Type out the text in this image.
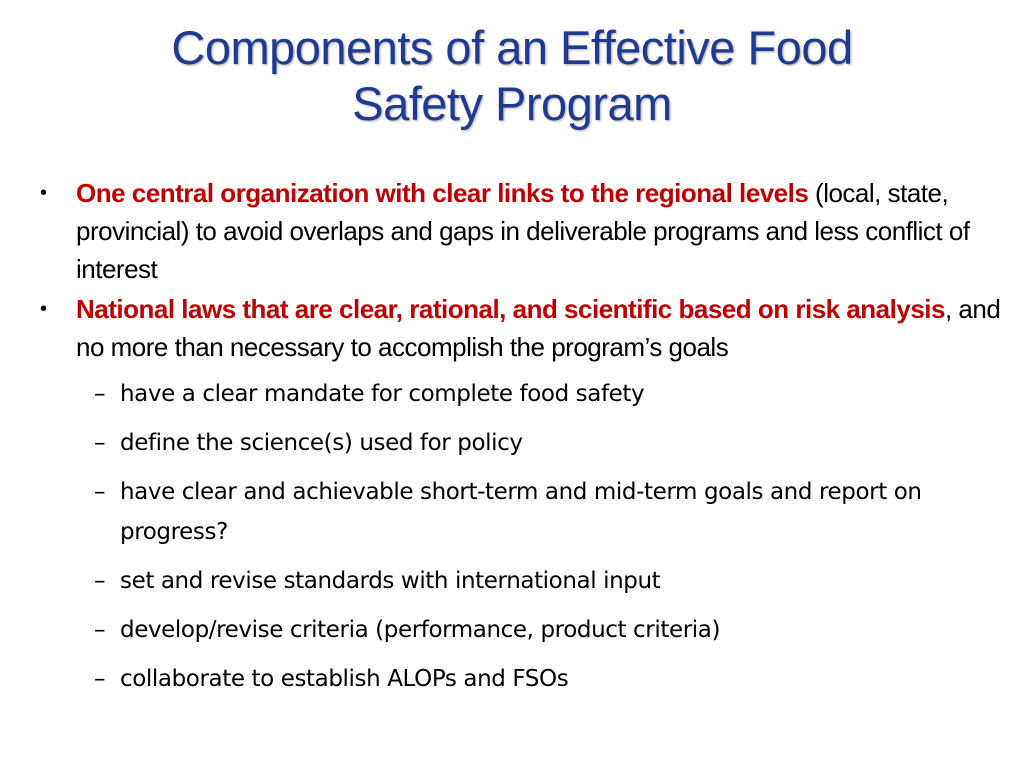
Components of an Effective Food
Safety Program
• One central organization with clear links to the regional levels (local, state, provincial) to avoid overlaps and gaps in deliverable programs and less conflict of interest
• National laws that are clear, rational, and scientific based on risk analysis, and no more than necessary to accomplish the program’s goals
– have a clear mandate for complete food safety
– define the science(s) used for policy
– have clear and achievable short-term and mid-term goals and report on progress?
– set and revise standards with international input
– develop/revise criteria (performance, product criteria)
– collaborate to establish ALOPs and FSOs
